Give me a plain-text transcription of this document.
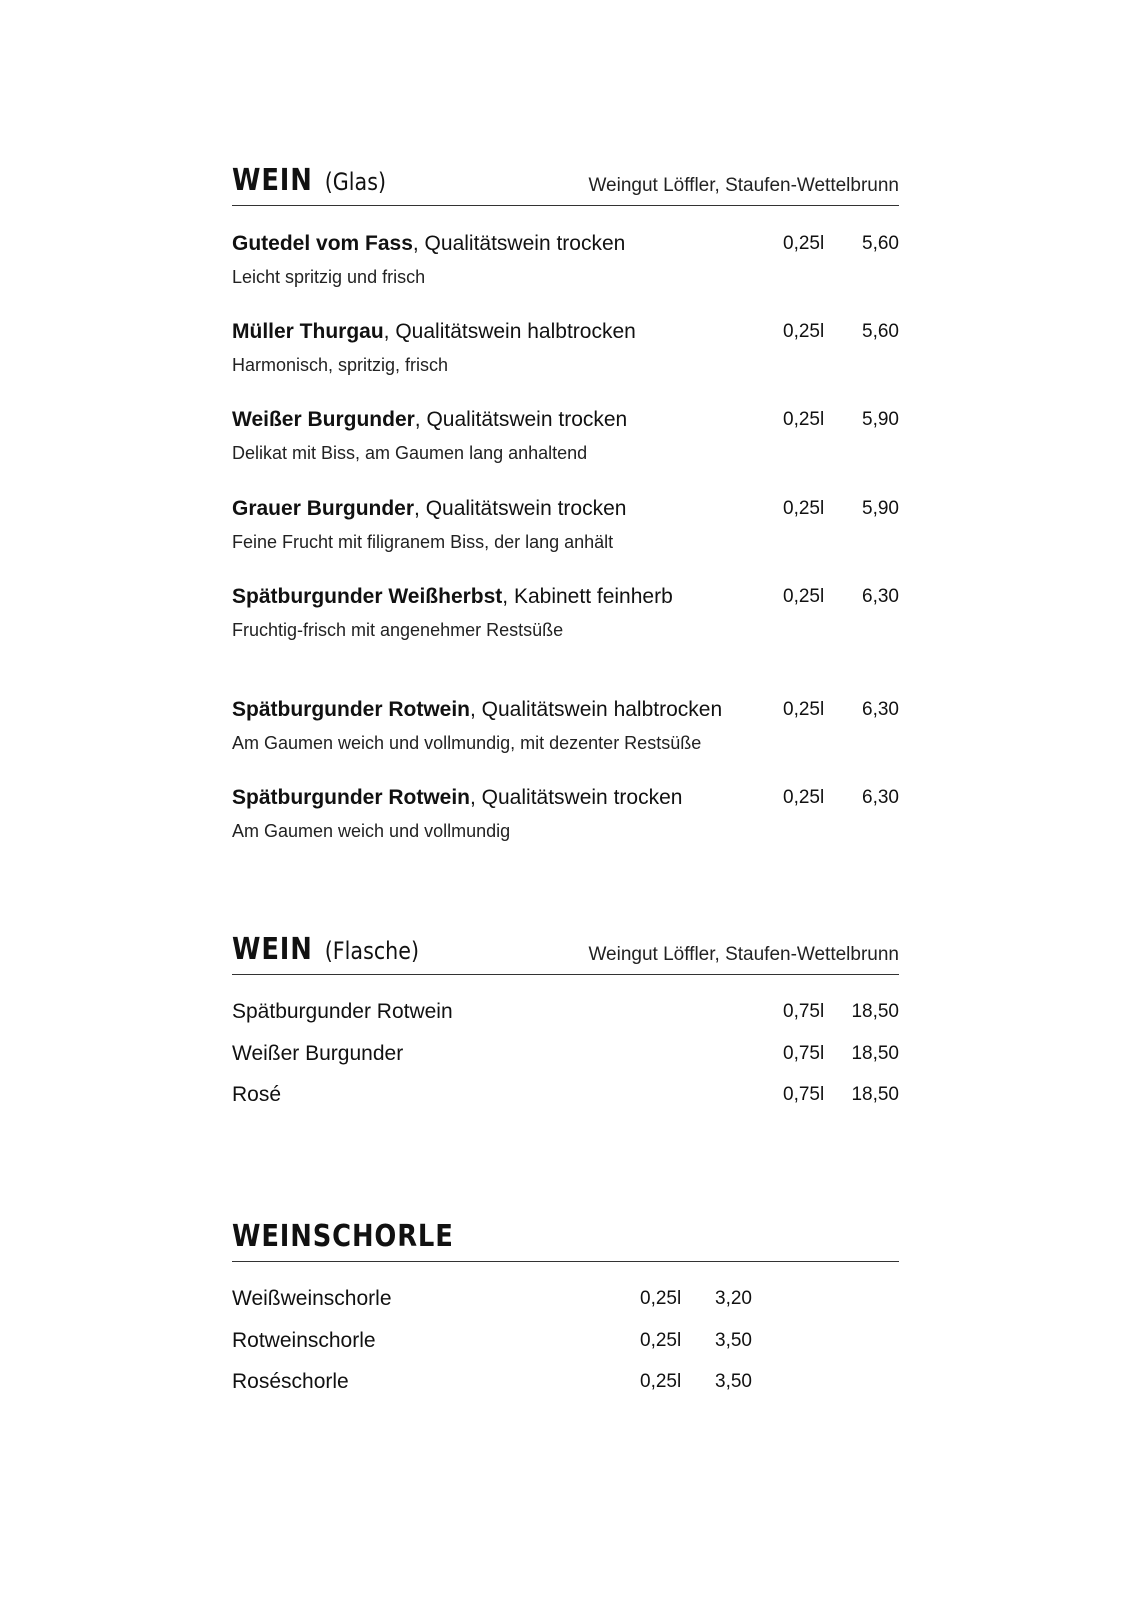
WEIN (Glas)	Weingut Löffler, Staufen-Wettelbrunn
Gutedel vom Fass, Qualitätswein trocken	0,25l	5,60
Leicht spritzig und frisch
Müller Thurgau, Qualitätswein halbtrocken	0,25l	5,60
Harmonisch, spritzig, frisch
Weißer Burgunder, Qualitätswein trocken	0,25l	5,90
Delikat mit Biss, am Gaumen lang anhaltend
Grauer Burgunder, Qualitätswein trocken	0,25l	5,90
Feine Frucht mit filigranem Biss, der lang anhält
Spätburgunder Weißherbst, Kabinett feinherb	0,25l	6,30
Fruchtig-frisch mit angenehmer Restsüße
Spätburgunder Rotwein, Qualitätswein halbtrocken	0,25l	6,30
Am Gaumen weich und vollmundig, mit dezenter Restsüße
Spätburgunder Rotwein, Qualitätswein trocken	0,25l	6,30
Am Gaumen weich und vollmundig
WEIN (Flasche)	Weingut Löffler, Staufen-Wettelbrunn
Spätburgunder Rotwein	0,75l	18,50
Weißer Burgunder	0,75l	18,50
Rosé	0,75l	18,50
WEINSCHORLE
Weißweinschorle	0,25l	3,20
Rotweinschorle	0,25l	3,50
Roséschorle	0,25l	3,50
